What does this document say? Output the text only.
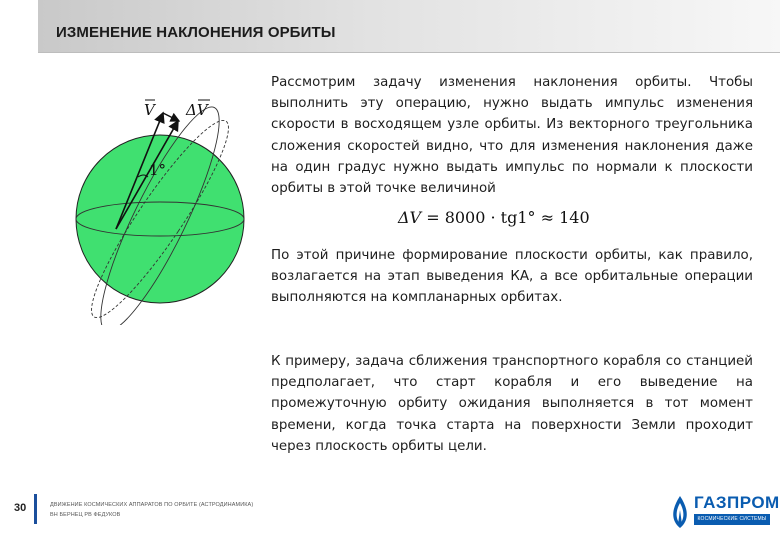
ИЗМЕНЕНИЕ НАКЛОНЕНИЯ ОРБИТЫ
V ΔV
1°
Рассмотрим задачу изменения наклонения орбиты. Чтобы выполнить эту операцию, нужно выдать импульс изменения скорости в восходящем узле орбиты. Из векторного треугольника сложения скоростей видно, что для изменения наклонения даже на один градус нужно выдать импульс по нормали к плоскости орбиты в этой точке величиной
ΔV = 8000 · tg1° ≈ 140
По этой причине формирование плоскости орбиты, как правило, возлагается на этап выведения КА, а все орбитальные операции выполняются на компланарных орбитах.
К примеру, задача сближения транспортного корабля со станцией предполагает, что старт корабля и его выведение на промежуточную орбиту ожидания выполняется в тот момент времени, когда точка старта на поверхности Земли проходит через плоскость орбиты цели.
30	ДВИЖЕНИЕ КОСМИЧЕСКИХ АППАРАТОВ ПО ОРБИТЕ (АСТРОДИНАМИКА)
ВН БЕРНЕЦ РВ ФЕДУКОВ
ГАЗПРОМ
КОСМИЧЕСКИЕ СИСТЕМЫ
